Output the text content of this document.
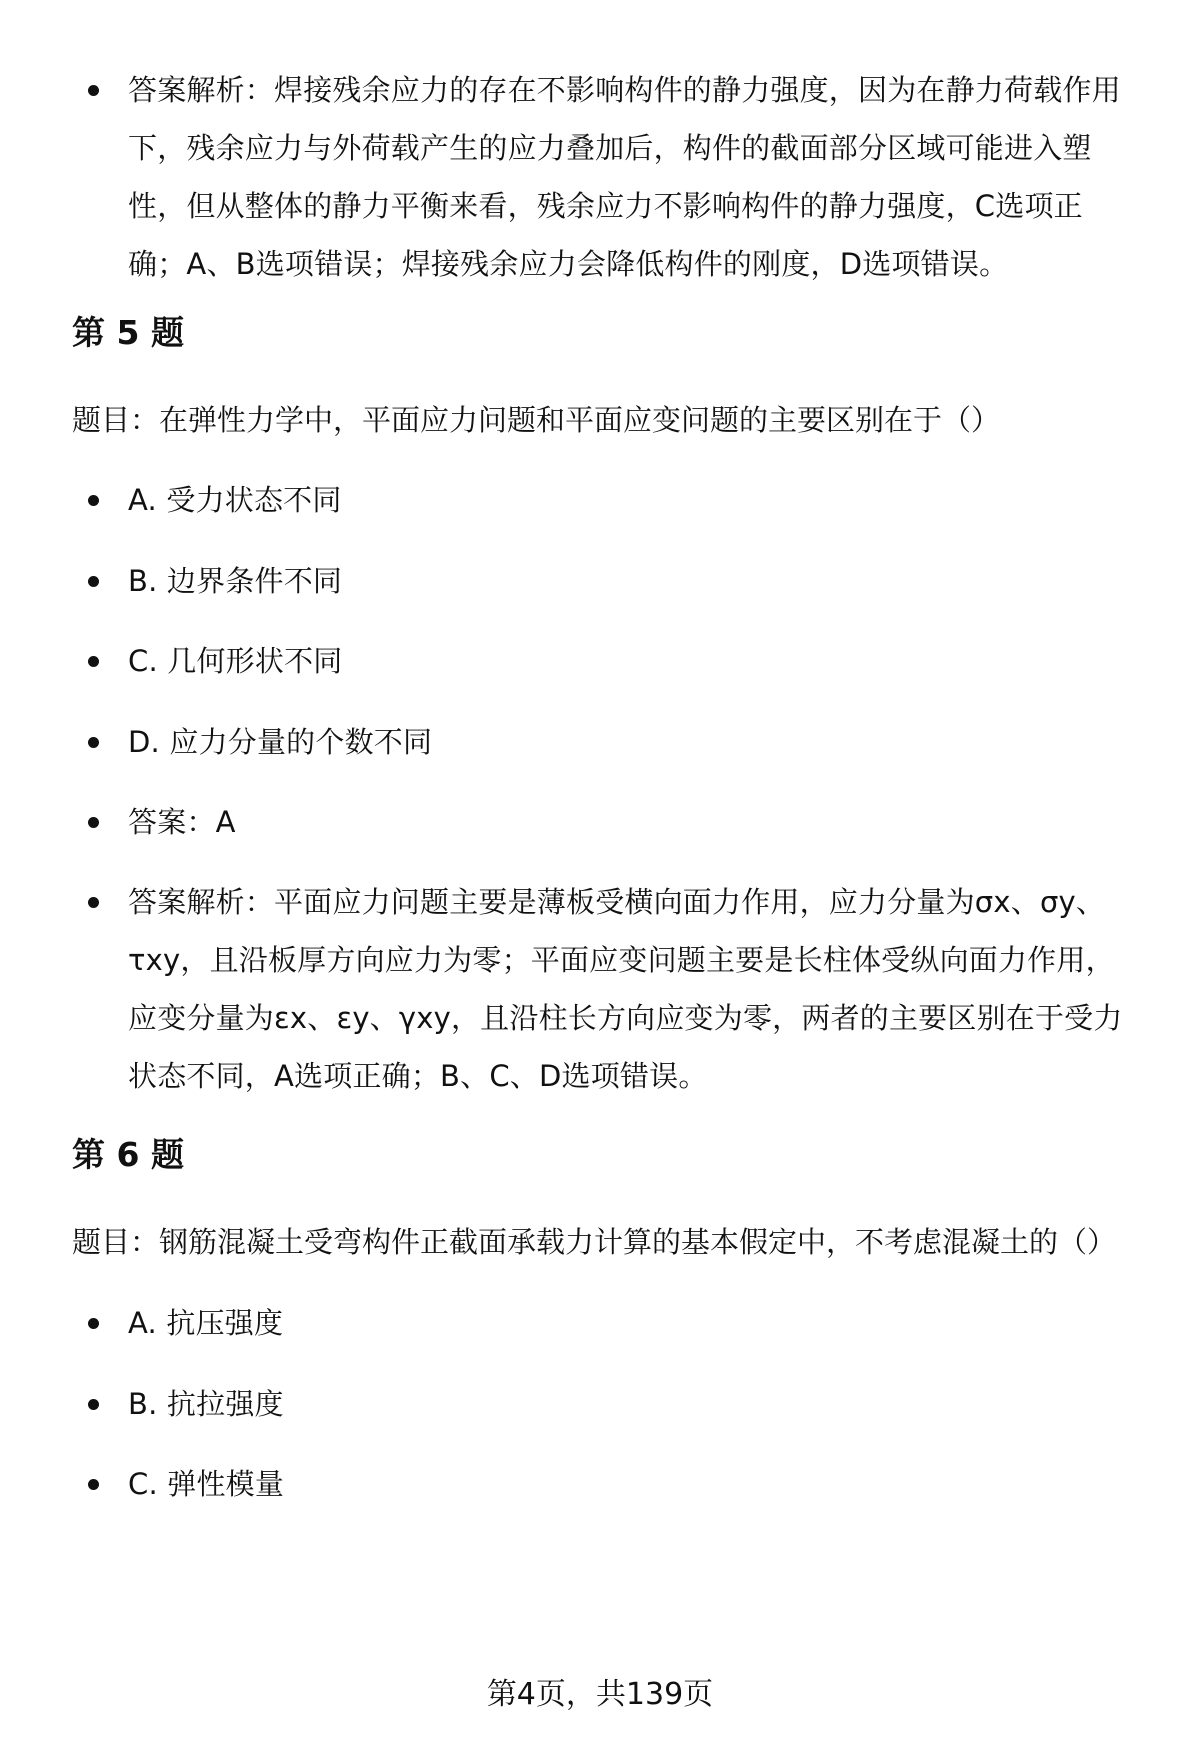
答案解析：焊接残余应力的存在不影响构件的静力强度，因为在静力荷载作用下，残余应力与外荷载产生的应力叠加后，构件的截面部分区域可能进入塑性，但从整体的静力平衡来看，残余应力不影响构件的静力强度，C选项正确；A、B选项错误；焊接残余应力会降低构件的刚度，D选项错误。
第 5 题
题目：在弹性力学中，平面应力问题和平面应变问题的主要区别在于（）
A. 受力状态不同
B. 边界条件不同
C. 几何形状不同
D. 应力分量的个数不同
答案：A
答案解析：平面应力问题主要是薄板受横向面力作用，应力分量为σx、σy、τxy，且沿板厚方向应力为零；平面应变问题主要是长柱体受纵向面力作用，应变分量为εx、εy、γxy，且沿柱长方向应变为零，两者的主要区别在于受力状态不同，A选项正确；B、C、D选项错误。
第 6 题
题目：钢筋混凝土受弯构件正截面承载力计算的基本假定中，不考虑混凝土的（）
A. 抗压强度
B. 抗拉强度
C. 弹性模量
第4页，共139页
